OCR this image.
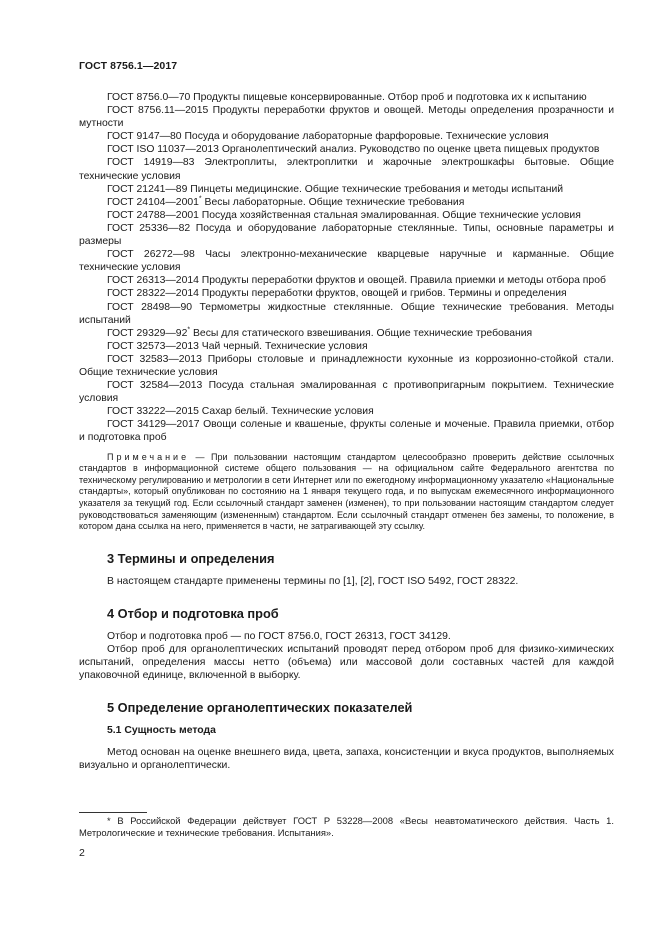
ГОСТ 8756.1—2017

ГОСТ 8756.0—70 Продукты пищевые консервированные. Отбор проб и подготовка их к испытанию

ГОСТ 8756.11—2015 Продукты переработки фруктов и овощей. Методы определения прозрачности и мутности

ГОСТ 9147—80 Посуда и оборудование лабораторные фарфоровые. Технические условия

ГОСТ ISO 11037—2013 Органолептический анализ. Руководство по оценке цвета пищевых продуктов

ГОСТ 14919—83 Электроплиты, электроплитки и жарочные электрошкафы бытовые. Общие технические условия

ГОСТ 21241—89 Пинцеты медицинские. Общие технические требования и методы испытаний

ГОСТ 24104—2001* Весы лабораторные. Общие технические требования

ГОСТ 24788—2001 Посуда хозяйственная стальная эмалированная. Общие технические условия

ГОСТ 25336—82 Посуда и оборудование лабораторные стеклянные. Типы, основные параметры и размеры

ГОСТ 26272—98 Часы электронно-механические кварцевые наручные и карманные. Общие технические условия

ГОСТ 26313—2014 Продукты переработки фруктов и овощей. Правила приемки и методы отбора проб

ГОСТ 28322—2014 Продукты переработки фруктов, овощей и грибов. Термины и определения

ГОСТ 28498—90 Термометры жидкостные стеклянные. Общие технические требования. Методы испытаний

ГОСТ 29329—92* Весы для статического взвешивания. Общие технические требования

ГОСТ 32573—2013 Чай черный. Технические условия

ГОСТ 32583—2013 Приборы столовые и принадлежности кухонные из коррозионно-стойкой стали. Общие технические условия

ГОСТ 32584—2013 Посуда стальная эмалированная с противопригарным покрытием. Технические условия

ГОСТ 33222—2015 Сахар белый. Технические условия

ГОСТ 34129—2017 Овощи соленые и квашеные, фрукты соленые и моченые. Правила приемки, отбор и подготовка проб

Примечание — При пользовании настоящим стандартом целесообразно проверить действие ссылочных стандартов в информационной системе общего пользования — на официальном сайте Федерального агентства по техническому регулированию и метрологии в сети Интернет или по ежегодному информационному указателю «Национальные стандарты», который опубликован по состоянию на 1 января текущего года, и по выпускам ежемесячного информационного указателя за текущий год. Если ссылочный стандарт заменен (изменен), то при пользовании настоящим стандартом следует руководствоваться заменяющим (измененным) стандартом. Если ссылочный стандарт отменен без замены, то положение, в котором дана ссылка на него, применяется в части, не затрагивающей эту ссылку.

3 Термины и определения

В настоящем стандарте применены термины по [1], [2], ГОСТ ISO 5492, ГОСТ 28322.

4 Отбор и подготовка проб

Отбор и подготовка проб — по ГОСТ 8756.0, ГОСТ 26313, ГОСТ 34129.

Отбор проб для органолептических испытаний проводят перед отбором проб для физико-химических испытаний, определения массы нетто (объема) или массовой доли составных частей для каждой упаковочной единице, включенной в выборку.

5 Определение органолептических показателей
5.1 Сущность метода

Метод основан на оценке внешнего вида, цвета, запаха, консистенции и вкуса продуктов, выполняемых визуально и органолептически.

* В Российской Федерации действует ГОСТ Р 53228—2008 «Весы неавтоматического действия. Часть 1. Метрологические и технические требования. Испытания».

2
